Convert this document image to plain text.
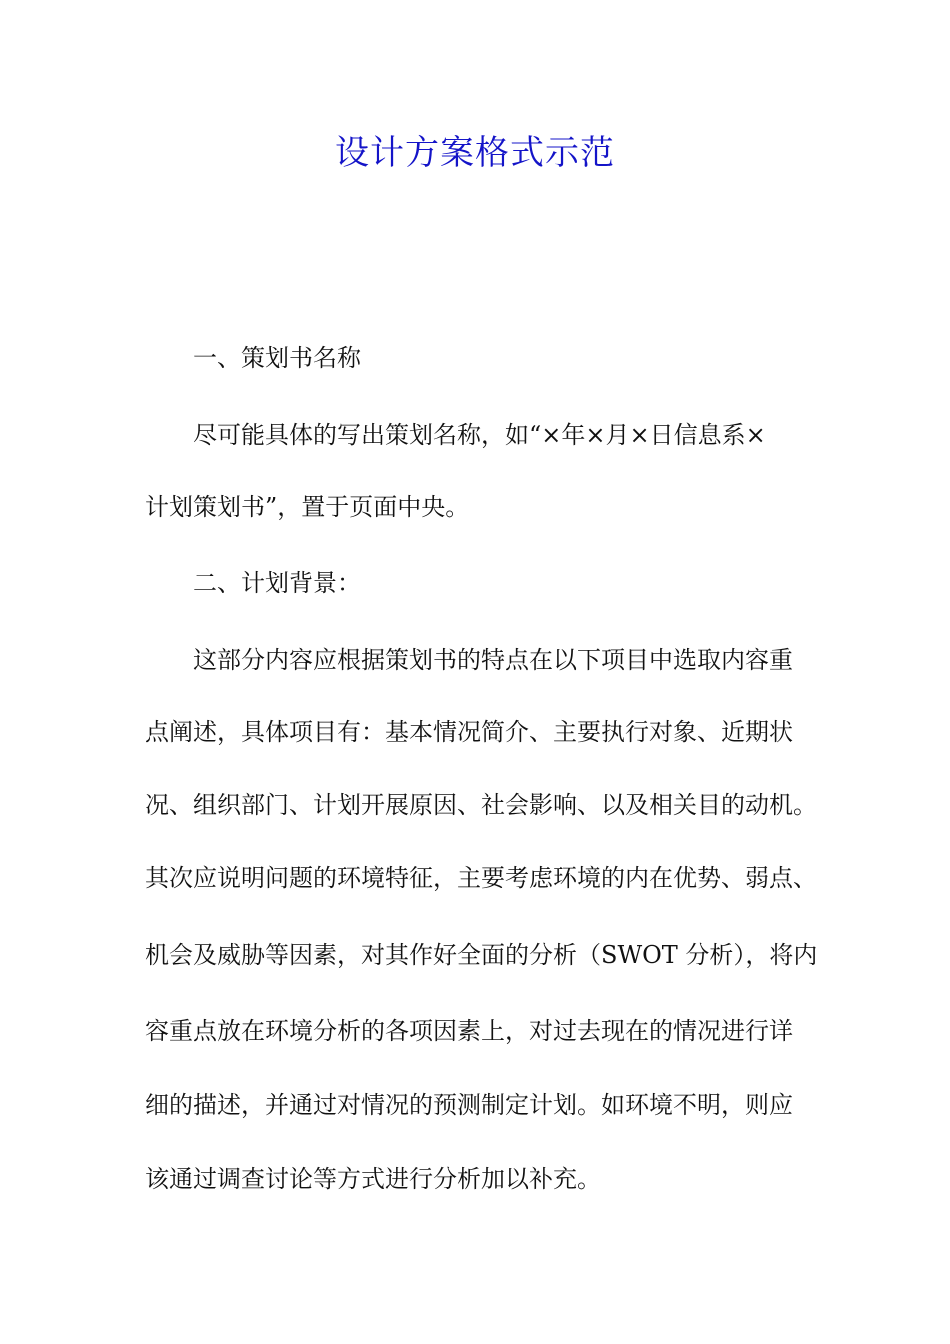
设计方案格式示范
一、策划书名称
尽可能具体的写出策划名称，如“×年×月×日信息系×
计划策划书”，置于页面中央。
二、计划背景：
这部分内容应根据策划书的特点在以下项目中选取内容重
点阐述，具体项目有：基本情况简介、主要执行对象、近期状
况、组织部门、计划开展原因、社会影响、以及相关目的动机。
其次应说明问题的环境特征，主要考虑环境的内在优势、弱点、
机会及威胁等因素，对其作好全面的分析（SWOT 分析），将内
容重点放在环境分析的各项因素上，对过去现在的情况进行详
细的描述，并通过对情况的预测制定计划。如环境不明，则应
该通过调查讨论等方式进行分析加以补充。
